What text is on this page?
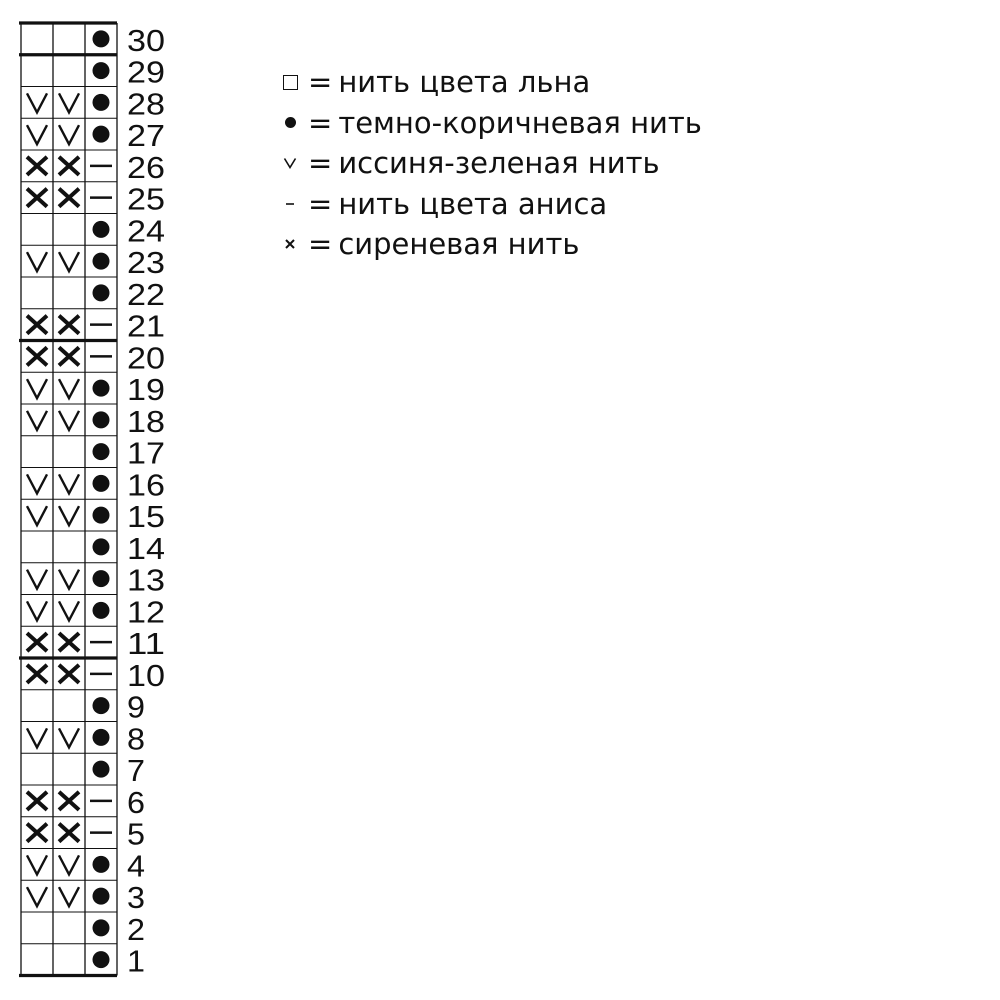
30
29
28
27
26
25
24
23
22
21
20
19
18
17
16
15
14
13
12
11
10
9
8
7
6
5
4
3
2
1
= нить цвета льна
= темно-коричневая нить
= иссиня-зеленая нить
= нить цвета аниса
= сиреневая нить
